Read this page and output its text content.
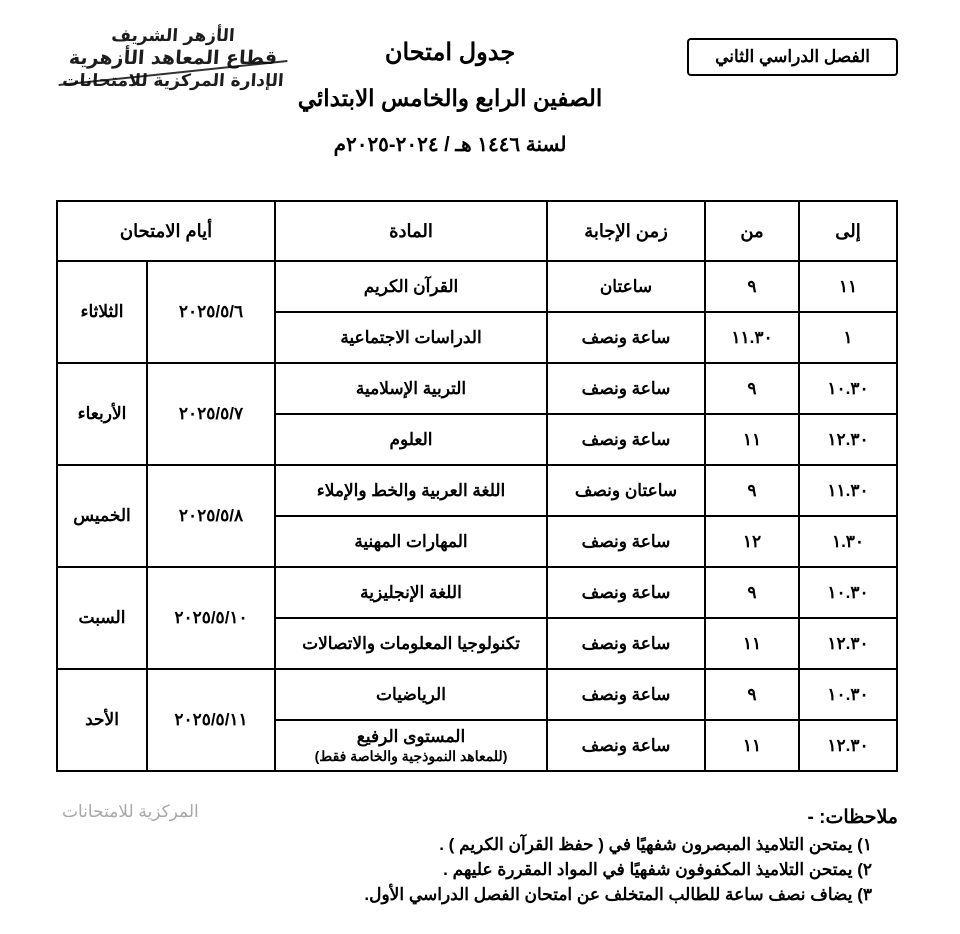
الفصل الدراسي الثاني
جدول امتحان
الصفين الرابع والخامس الابتدائي
لسنة ١٤٤٦ هـ / ٢٠٢٤-٢٠٢٥م
الأزهر الشريف
قطاع المعاهد الأزهرية
الإدارة المركزية للامتحانات
إلى	من	زمن الإجابة	المادة	أيام الامتحان	
١١	٩	ساعتان	القرآن الكريم	٢٠٢٥/٥/٦	الثلاثاء
١	١١.٣٠	ساعة ونصف	الدراسات الاجتماعية		
١٠.٣٠	٩	ساعة ونصف	التربية الإسلامية	٢٠٢٥/٥/٧	الأربعاء
١٢.٣٠	١١	ساعة ونصف	العلوم		
١١.٣٠	٩	ساعتان ونصف	اللغة العربية والخط والإملاء	٢٠٢٥/٥/٨	الخميس
١.٣٠	١٢	ساعة ونصف	المهارات المهنية		
١٠.٣٠	٩	ساعة ونصف	اللغة الإنجليزية	٢٠٢٥/٥/١٠	السبت
١٢.٣٠	١١	ساعة ونصف	تكنولوجيا المعلومات والاتصالات		
١٠.٣٠	٩	ساعة ونصف	الرياضيات	٢٠٢٥/٥/١١	الأحد
١٢.٣٠	١١	ساعة ونصف	المستوى الرفيع
(للمعاهد النموذجية والخاصة فقط)		
ملاحظات: -
١) يمتحن التلاميذ المبصرون شفهيًا في ( حفظ القرآن الكريم ) .
٢) يمتحن التلاميذ المكفوفون شفهيًا في المواد المقررة عليهم .
٣) يضاف نصف ساعة للطالب المتخلف عن امتحان الفصل الدراسي الأول.
المركزية للامتحانات
